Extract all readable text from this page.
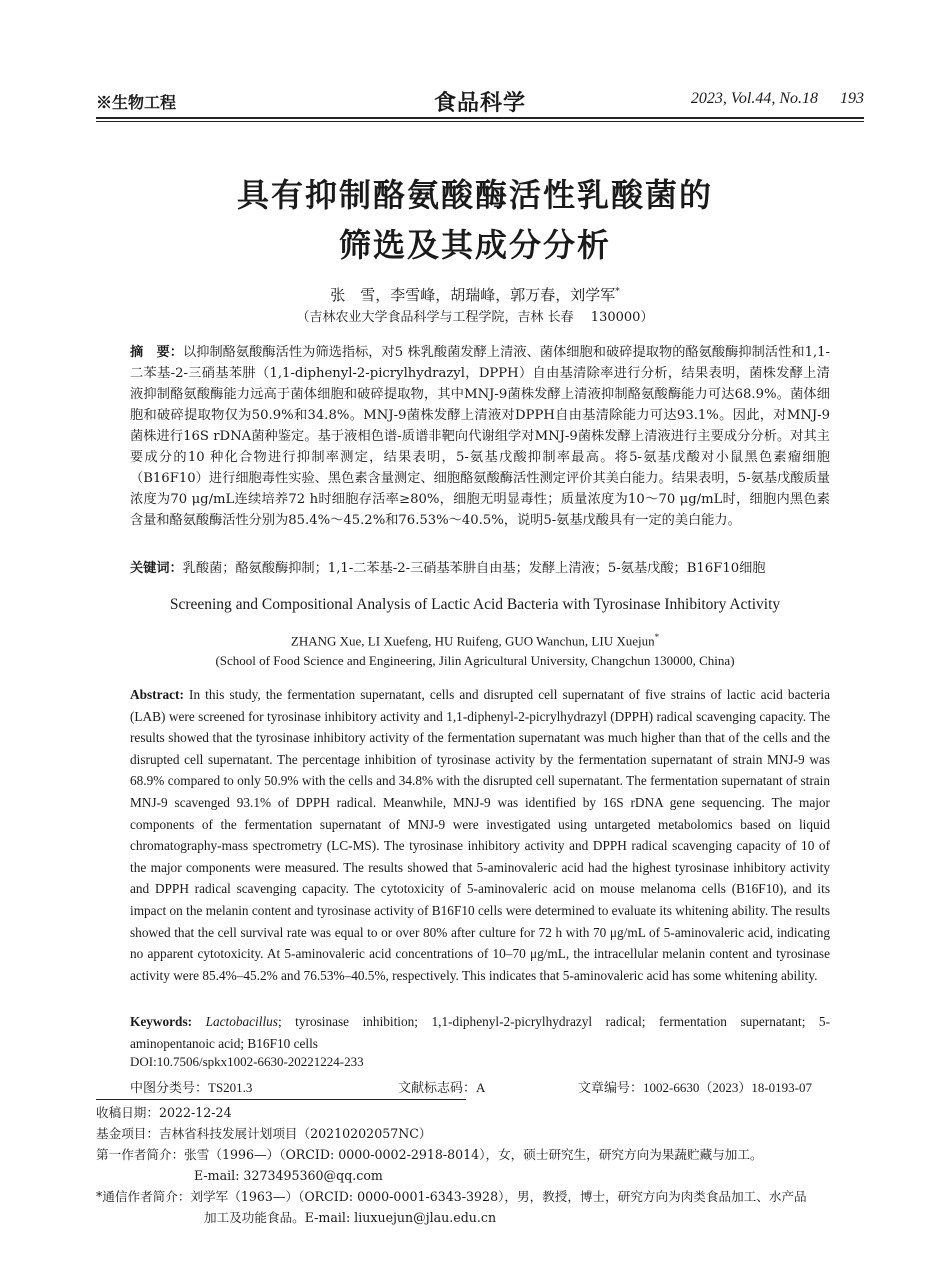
※生物工程	食品科学	2023, Vol.44, No.18 193
具有抑制酪氨酸酶活性乳酸菌的
筛选及其成分分析
张　雪，李雪峰，胡瑞峰，郭万春，刘学军*
（吉林农业大学食品科学与工程学院，吉林 长春　 130000）
摘　要：以抑制酪氨酸酶活性为筛选指标，对5 株乳酸菌发酵上清液、菌体细胞和破碎提取物的酪氨酸酶抑制活性和1,1-二苯基-2-三硝基苯肼（1,1-diphenyl-2-picrylhydrazyl，DPPH）自由基清除率进行分析，结果表明，菌株发酵上清液抑制酪氨酸酶能力远高于菌体细胞和破碎提取物，其中MNJ-9菌株发酵上清液抑制酪氨酸酶能力可达68.9%。菌体细胞和破碎提取物仅为50.9%和34.8%。MNJ-9菌株发酵上清液对DPPH自由基清除能力可达93.1%。因此，对MNJ-9菌株进行16S rDNA菌种鉴定。基于液相色谱-质谱非靶向代谢组学对MNJ-9菌株发酵上清液进行主要成分分析。对其主要成分的10 种化合物进行抑制率测定，结果表明，5-氨基戊酸抑制率最高。将5-氨基戊酸对小鼠黑色素瘤细胞（B16F10）进行细胞毒性实验、黑色素含量测定、细胞酪氨酸酶活性测定评价其美白能力。结果表明，5-氨基戊酸质量浓度为70 μg/mL连续培养72 h时细胞存活率≥80%，细胞无明显毒性；质量浓度为10～70 μg/mL时，细胞内黑色素含量和酪氨酸酶活性分别为85.4%～45.2%和76.53%～40.5%，说明5-氨基戊酸具有一定的美白能力。
关键词：乳酸菌；酪氨酸酶抑制；1,1-二苯基-2-三硝基苯肼自由基；发酵上清液；5-氨基戊酸；B16F10细胞
Screening and Compositional Analysis of Lactic Acid Bacteria with Tyrosinase Inhibitory Activity
ZHANG Xue, LI Xuefeng, HU Ruifeng, GUO Wanchun, LIU Xuejun*
(School of Food Science and Engineering, Jilin Agricultural University, Changchun 130000, China)
Abstract: In this study, the fermentation supernatant, cells and disrupted cell supernatant of five strains of lactic acid bacteria (LAB) were screened for tyrosinase inhibitory activity and 1,1-diphenyl-2-picrylhydrazyl (DPPH) radical scavenging capacity. The results showed that the tyrosinase inhibitory activity of the fermentation supernatant was much higher than that of the cells and the disrupted cell supernatant. The percentage inhibition of tyrosinase activity by the fermentation supernatant of strain MNJ-9 was 68.9% compared to only 50.9% with the cells and 34.8% with the disrupted cell supernatant. The fermentation supernatant of strain MNJ-9 scavenged 93.1% of DPPH radical. Meanwhile, MNJ-9 was identified by 16S rDNA gene sequencing. The major components of the fermentation supernatant of MNJ-9 were investigated using untargeted metabolomics based on liquid chromatography-mass spectrometry (LC-MS). The tyrosinase inhibitory activity and DPPH radical scavenging capacity of 10 of the major components were measured. The results showed that 5-aminovaleric acid had the highest tyrosinase inhibitory activity and DPPH radical scavenging capacity. The cytotoxicity of 5-aminovaleric acid on mouse melanoma cells (B16F10), and its impact on the melanin content and tyrosinase activity of B16F10 cells were determined to evaluate its whitening ability. The results showed that the cell survival rate was equal to or over 80% after culture for 72 h with 70 μg/mL of 5-aminovaleric acid, indicating no apparent cytotoxicity. At 5-aminovaleric acid concentrations of 10–70 μg/mL, the intracellular melanin content and tyrosinase activity were 85.4%–45.2% and 76.53%–40.5%, respectively. This indicates that 5-aminovaleric acid has some whitening ability.
Keywords: Lactobacillus; tyrosinase inhibition; 1,1-diphenyl-2-picrylhydrazyl radical; fermentation supernatant; 5-aminopentanoic acid; B16F10 cells
DOI:10.7506/spkx1002-6630-20221224-233
中图分类号：TS201.3	文献标志码：A	文章编号：1002-6630（2023）18-0193-07
收稿日期：2022-12-24
基金项目：吉林省科技发展计划项目（20210202057NC）
第一作者简介：张雪（1996—）（ORCID: 0000-0002-2918-8014），女，硕士研究生，研究方向为果蔬贮藏与加工。
E-mail: 3273495360@qq.com
*通信作者简介：刘学军（1963—）（ORCID: 0000-0001-6343-3928），男，教授，博士，研究方向为肉类食品加工、水产品
加工及功能食品。E-mail: liuxuejun@jlau.edu.cn
